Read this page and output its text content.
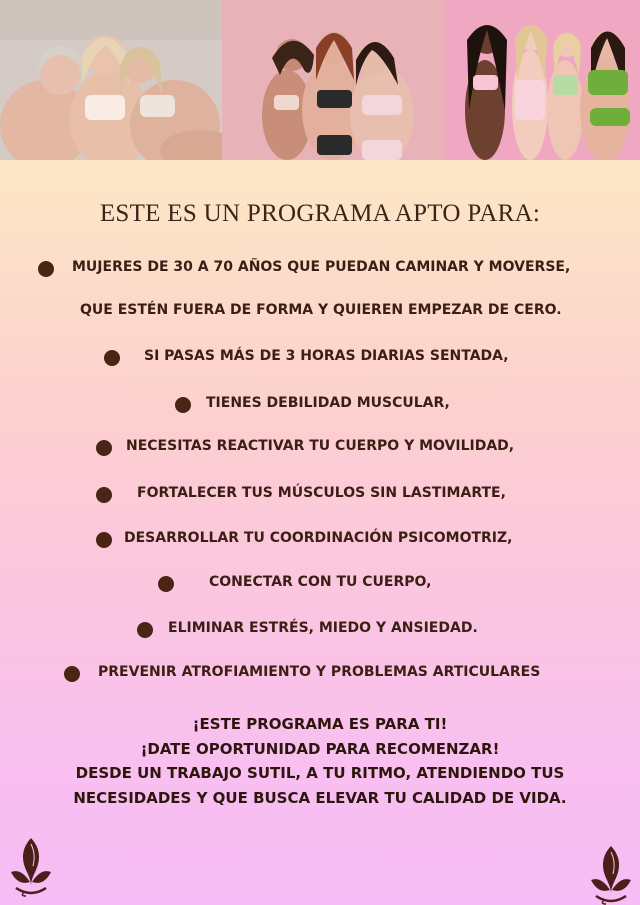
ESTE ES UN PROGRAMA APTO PARA:
MUJERES DE 30 A 70 AÑOS QUE PUEDAN CAMINAR Y MOVERSE,
QUE ESTÉN FUERA DE FORMA Y QUIEREN EMPEZAR DE CERO.
SI PASAS MÁS DE 3 HORAS DIARIAS SENTADA,
TIENES DEBILIDAD MUSCULAR,
NECESITAS REACTIVAR TU CUERPO Y MOVILIDAD,
FORTALECER TUS MÚSCULOS SIN LASTIMARTE,
DESARROLLAR TU COORDINACIÓN PSICOMOTRIZ,
CONECTAR CON TU CUERPO,
ELIMINAR ESTRÉS, MIEDO Y ANSIEDAD.
PREVENIR ATROFIAMIENTO Y PROBLEMAS ARTICULARES
¡ESTE PROGRAMA ES PARA TI!
¡DATE OPORTUNIDAD PARA RECOMENZAR!
DESDE UN TRABAJO SUTIL, A TU RITMO, ATENDIENDO TUS
NECESIDADES Y QUE BUSCA ELEVAR TU CALIDAD DE VIDA.
